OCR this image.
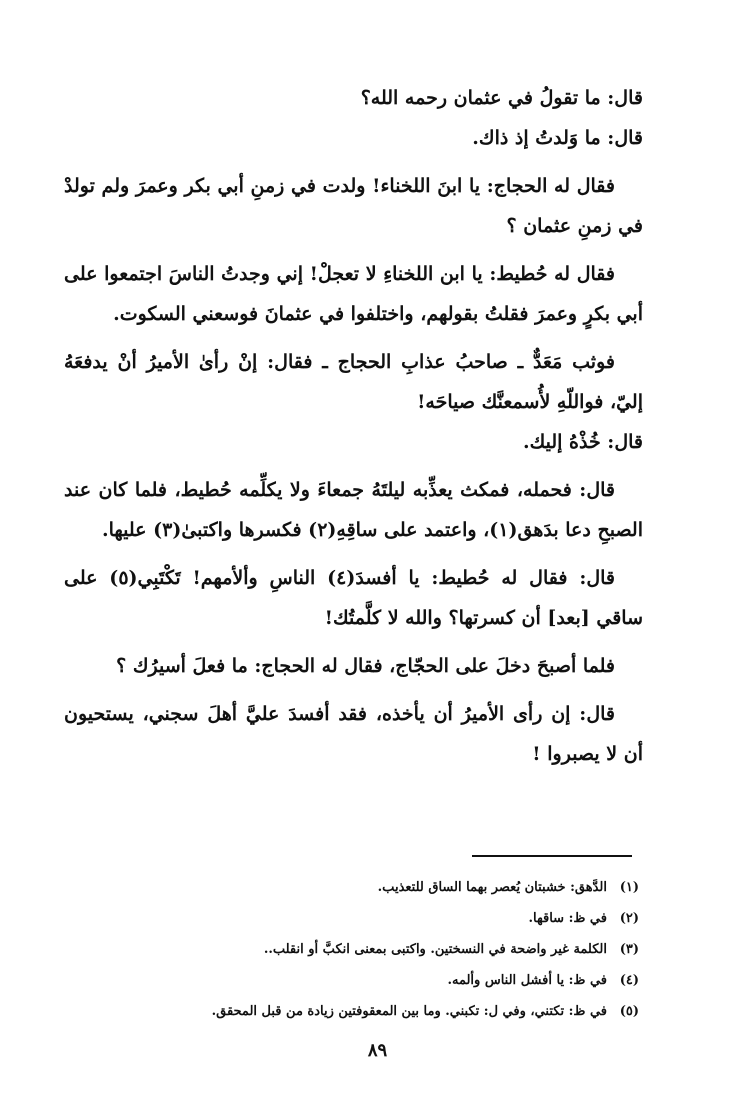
قال: ما تقولُ في عثمان رحمه الله؟

قال: ما وَلدتُ إذ ذاك.

فقال له الحجاج: يا ابنَ اللخناء! ولدت في زمنِ أبي بكر وعمرَ ولم تولدْ في زمنِ عثمان ؟

فقال له حُطيط: يا ابن اللخناءِ لا تعجلْ! إني وجدتُ الناسَ اجتمعوا على أبي بكرٍ وعمرَ فقلتُ بقولهم، واختلفوا في عثمانَ فوسعني السكوت.

فوثب مَعَدٌّ ـ صاحبُ عذابِ الحجاج ـ فقال: إنْ رأىٰ الأميرُ أنْ يدفعَهُ إليّ، فواللّهِ لأُسمعنَّك صياحَه!

قال: خُذْهُ إليك.

قال: فحمله، فمكث يعذِّبه ليلتَهُ جمعاءَ ولا يكلِّمه حُطيط، فلما كان عند الصبحِ دعا بدَهق(١)، واعتمد على ساقِهِ(٢) فكسرها واكتبىٰ(٣) عليها.

قال: فقال له حُطيط: يا أفسدَ(٤) الناسِ وألأمهم! تَكْتَبِي(٥) على ساقي [بعد] أن كسرتها؟ والله لا كلَّمتُك!

فلما أصبحَ دخلَ على الحجّاج، فقال له الحجاج: ما فعلَ أسيرُك ؟

قال: إن رأى الأميرُ أن يأخذه، فقد أفسدَ عليَّ أهلَ سجني، يستحيون أن لا يصبروا !

(١)
الدَّهق: خشبتان يُعصر بهما الساق للتعذيب.
(٢)
في ظ: ساقها.
(٣)
الكلمة غير واضحة في النسختين. واكتبى بمعنى انكبَّ أو انقلب..
(٤)
في ظ: يا أفشل الناس وألمه.
(٥)
في ظ: تكتني، وفي ل: تكبني. وما بين المعقوفتين زيادة من قبل المحقق.
٨٩
